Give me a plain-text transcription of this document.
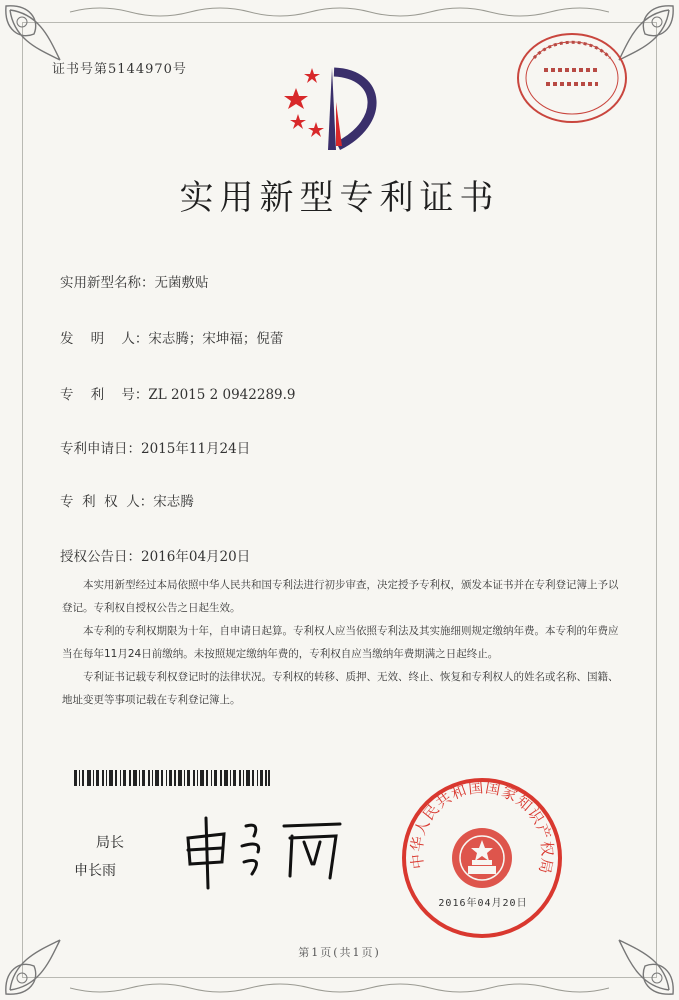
证书号第5144970号
实用新型专利证书
实用新型名称：无菌敷贴
发    明    人：宋志腾；宋坤福；倪蕾
专    利    号：ZL 2015 2 0942289.9
专利申请日：2015年11月24日
专  利  权  人：宋志腾
授权公告日：2016年04月20日

本实用新型经过本局依照中华人民共和国专利法进行初步审查，决定授予专利权，颁发本证书并在专利登记簿上予以登记。专利权自授权公告之日起生效。

本专利的专利权期限为十年，自申请日起算。专利权人应当依照专利法及其实施细则规定缴纳年费。本专利的年费应当在每年11月24日前缴纳。未按照规定缴纳年费的，专利权自应当缴纳年费期满之日起终止。

专利证书记载专利权登记时的法律状况。专利权的转移、质押、无效、终止、恢复和专利权人的姓名或名称、国籍、地址变更等事项记载在专利登记簿上。

局长
申长雨
中华人民共和国国家知识产权局
2016年04月20日
第1页(共1页)
